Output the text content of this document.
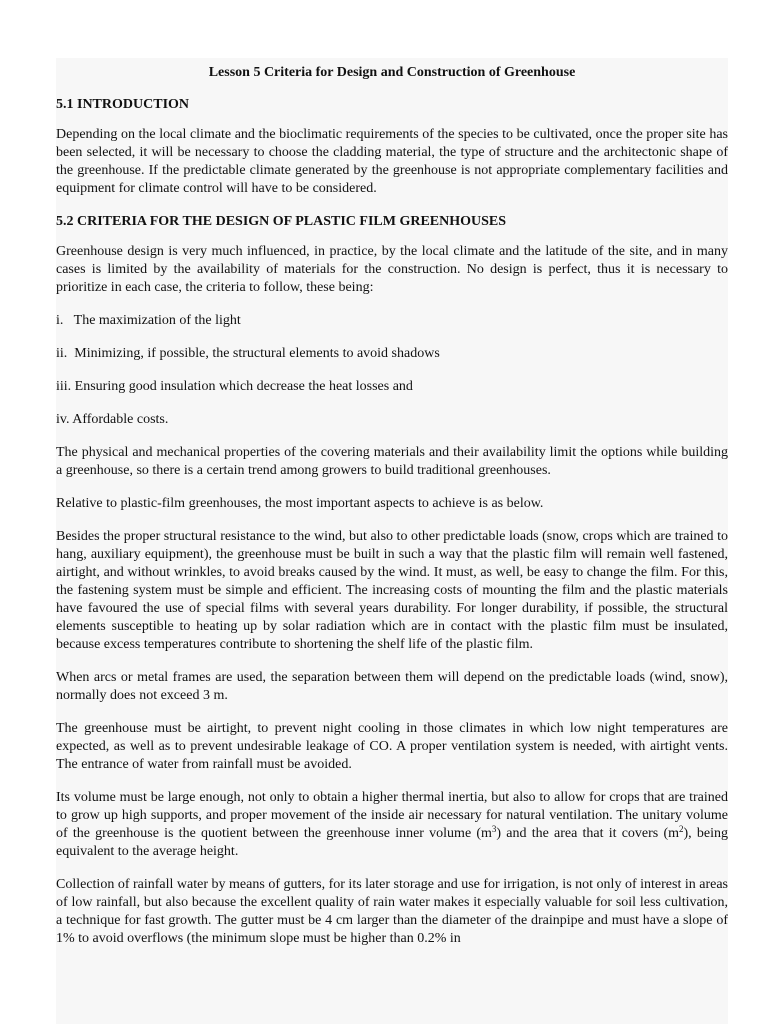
Lesson 5 Criteria for Design and Construction of Greenhouse
5.1 INTRODUCTION

Depending on the local climate and the bioclimatic requirements of the species to be cultivated, once the proper site has been selected, it will be necessary to choose the cladding material, the type of structure and the architectonic shape of the greenhouse. If the predictable climate generated by the greenhouse is not appropriate complementary facilities and equipment for climate control will have to be considered.

5.2 CRITERIA FOR THE DESIGN OF PLASTIC FILM GREENHOUSES

Greenhouse design is very much influenced, in practice, by the local climate and the latitude of the site, and in many cases is limited by the availability of materials for the construction. No design is perfect, thus it is necessary to prioritize in each case, the criteria to follow, these being:

i.   The maximization of the light
ii.  Minimizing, if possible, the structural elements to avoid shadows
iii. Ensuring good insulation which decrease the heat losses and
iv. Affordable costs.

The physical and mechanical properties of the covering materials and their availability limit the options while building a greenhouse, so there is a certain trend among growers to build traditional greenhouses.

Relative to plastic-film greenhouses, the most important aspects to achieve is as below.

Besides the proper structural resistance to the wind, but also to other predictable loads (snow, crops which are trained to hang, auxiliary equipment), the greenhouse must be built in such a way that the plastic film will remain well fastened, airtight, and without wrinkles, to avoid breaks caused by the wind. It must, as well, be easy to change the film. For this, the fastening system must be simple and efficient. The increasing costs of mounting the film and the plastic materials have favoured the use of special films with several years durability. For longer durability, if possible, the structural elements susceptible to heating up by solar radiation which are in contact with the plastic film must be insulated, because excess temperatures contribute to shortening the shelf life of the plastic film.

When arcs or metal frames are used, the separation between them will depend on the predictable loads (wind, snow), normally does not exceed 3 m.

The greenhouse must be airtight, to prevent night cooling in those climates in which low night temperatures are expected, as well as to prevent undesirable leakage of CO. A proper ventilation system is needed, with airtight vents. The entrance of water from rainfall must be avoided.

Its volume must be large enough, not only to obtain a higher thermal inertia, but also to allow for crops that are trained to grow up high supports, and proper movement of the inside air necessary for natural ventilation. The unitary volume of the greenhouse is the quotient between the greenhouse inner volume $(m^3)$ and the area that it covers $(m^2)$, being equivalent to the average height.

Collection of rainfall water by means of gutters, for its later storage and use for irrigation, is not only of interest in areas of low rainfall, but also because the excellent quality of rain water makes it especially valuable for soil less cultivation, a technique for fast growth. The gutter must be 4 cm larger than the diameter of the drainpipe and must have a slope of 1% to avoid overflows (the minimum slope must be higher than 0.2% in
